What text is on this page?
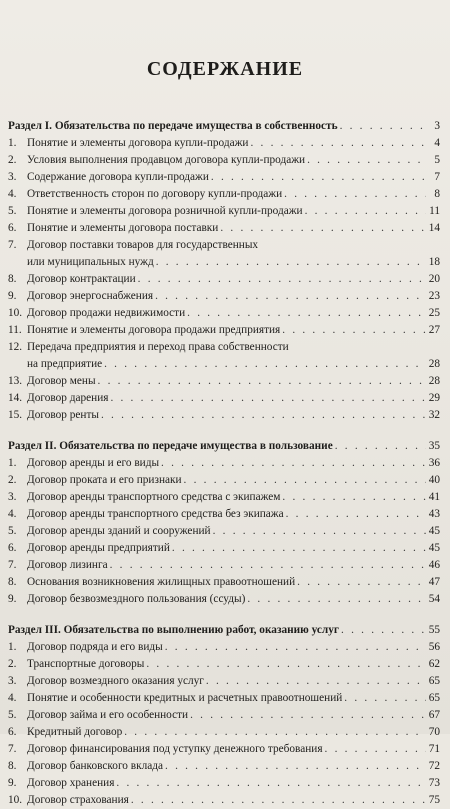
СОДЕРЖАНИЕ
Раздел I. Обязательства по передаче имущества в собственность . . .	3
1. Понятие и элементы договора купли-продажи . . .	4
2. Условия выполнения продавцом договора купли-продажи . . .	5
3. Содержание договора купли-продажи . . .	7
4. Ответственность сторон по договору купли-продажи . . .	8
5. Понятие и элементы договора розничной купли-продажи . . .	11
6. Понятие и элементы договора поставки . . .	14
7. Договор поставки товаров для государственных
или муниципальных нужд . . .	18
8. Договор контрактации . . .	20
9. Договор энергоснабжения . . .	23
10. Договор продажи недвижимости . . .	25
11. Понятие и элементы договора продажи предприятия . . .	27
12. Передача предприятия и переход права собственности
на предприятие . . .	28
13. Договор мены . . .	28
14. Договор дарения . . .	29
15. Договор ренты . . .	32
Раздел II. Обязательства по передаче имущества в пользование . . .	35
1. Договор аренды и его виды . . .	36
2. Договор проката и его признаки . . .	40
3. Договор аренды транспортного средства с экипажем . . .	41
4. Договор аренды транспортного средства без экипажа . . .	43
5. Договор аренды зданий и сооружений . . .	45
6. Договор аренды предприятий . . .	45
7. Договор лизинга . . .	46
8. Основания возникновения жилищных правоотношений . . .	47
9. Договор безвозмездного пользования (ссуды) . . .	54
Раздел III. Обязательства по выполнению работ, оказанию услуг . . .	55
1. Договор подряда и его виды . . .	56
2. Транспортные договоры . . .	62
3. Договор возмездного оказания услуг . . .	65
4. Понятие и особенности кредитных и расчетных правоотношений . . .	65
5. Договор займа и его особенности . . .	67
6. Кредитный договор . . .	70
7. Договор финансирования под уступку денежного требования . . .	71
8. Договор банковского вклада . . .	72
9. Договор хранения . . .	73
10. Договор страхования . . .	75
